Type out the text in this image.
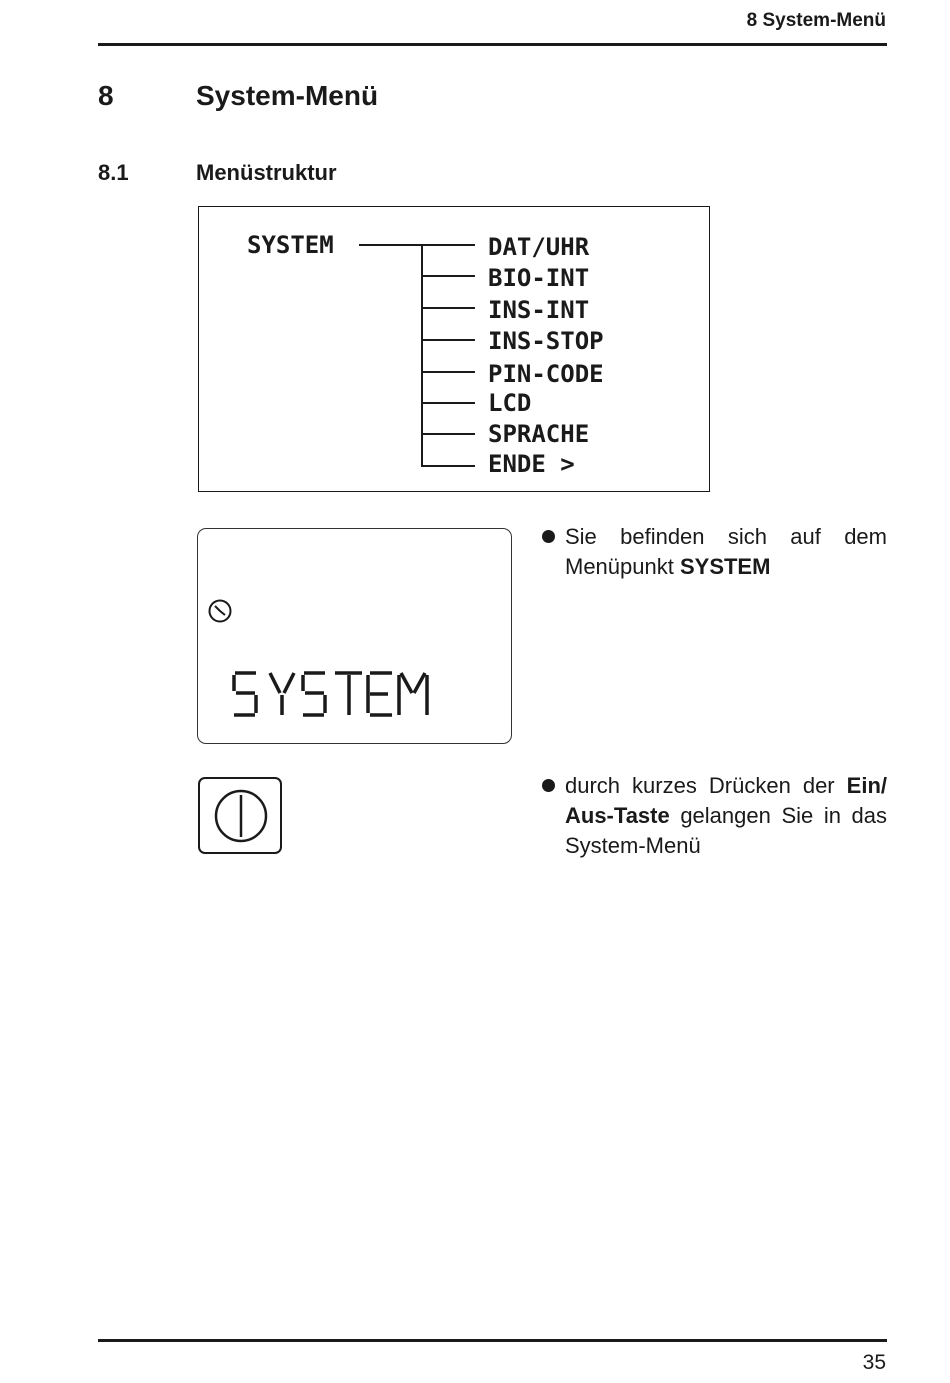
8 System-Menü
8	System-Menü
8.1	Menüstruktur
SYSTEM	DAT/UHR
BIO-INT
INS-INT
INS-STOP
PIN-CODE
LCD
SPRACHE
ENDE >
Sie befinden sich auf dem Menüpunkt SYSTEM
durch kurzes Drücken der Ein/ Aus-Taste gelangen Sie in das System-Menü
35
